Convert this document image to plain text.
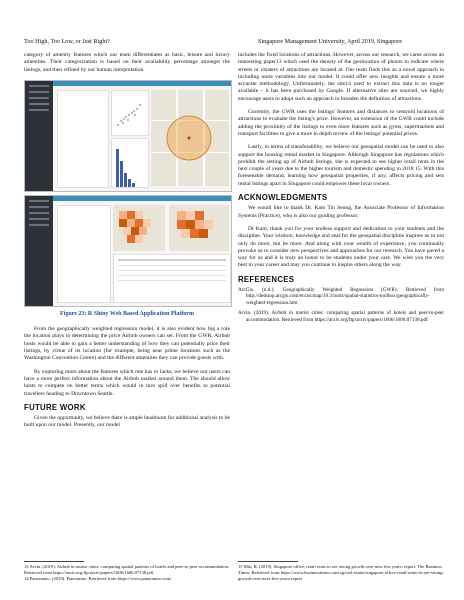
Too High, Too Low, or Just Right?	Singapore Management University, April 2019, Singapore

category of amenity features which our team differentiates as basic, leisure and luxury amenities. Their categorization is based on their availability percentage amongst the listings, and then refined by our human interpretation.

Figure 23: R Shiny Web Based Application Platform

From the geographically weighted regression model, it is also evident how big a role the location plays in determining the price Airbnb owners can set. From the GWR, Airbnb hosts would be able to gain a better understanding of how they can potentially price their listings, by virtue of its location (for example, being near prime locations such as the Washington Convention Centre) and the different amenities they can provide guests with.

By exploring more about the features which one has or lacks, we believe our users can have a more perfect information about the Airbnb market around them. The should allow hosts to compete on better terms which would in turn spill over benefits to potential travellers heading to Downtown Seattle.

FUTURE WORK

Given the opportunity, we believe there is ample headroom for additional analysis to be built upon our model. Presently, our model

includes the fixed locations of attractions. However, across our research, we came across an interesting paper13 which used the density of the geolocation of photos to indicate where streets or clusters of attractions are located at. Our team finds this as a novel approach in including more variables into our model. It could offer new insights and ensure a more accurate methodology. Unfortunately, the site14 used to extract this data is no longer available – it has been purchased by Google. If alternative sites are sourced, we highly encourage users to adopt such an approach to broaden the definition of attractions.

Currently, the GWR uses the listings' features and distances to centroid locations of attractions to evaluate the listing's price. However, an extension of the GWR could include adding the proximity of the listings to even more features such as gyms, supermarkets and transport facilities to give a more in depth review of the listings' potential prices.

Lastly, in terms of transferability, we believe our geospatial model can be used to also support the housing rental market in Singapore. Although Singapore has regulations which prohibit the setting up of Airbnb listings, she is expected to see higher retail rents in the next couple of years due to the higher tourism and domestic spending in 2018 15. With this foreseeable demand, learning how geospatial properties, if any, affects pricing and sets rental listings apart in Singapore could empower these local owners.

ACKNOWLEDGMENTS

We would like to thank Dr. Kam Tin Seong, the Associate Professor of Information Systems (Practice), who is also our guiding professor.

Dr Kam, thank you for your endless support and dedication to your students and the discipline. Your wisdom, knowledge and zeal for the geospatial discipline inspires us to not only do more, but be more. And along with your wealth of experience, you continually provoke us to consider new perspectives and approaches for our research. You have paved a way for us and it is truly an honor to be students under your care. We wish you the very best in your career and may you continue to inspire others along the way.

REFERENCES

ArcGis. (n.d.). Geographically Weighted Regression (GWR). Retrieved from http://desktop.arcgis.com/en/arcmap/10.3/tools/spatial-statistics-toolbox/geographically-weighted-regression.htm

Arvin. (2019). Airbnb in tourist cities: comparing spatial patterns of hotels and peer-to-peer accommodation. Retrieved from https://arxiv.org/ftp/arxiv/papers/1606/1606.07138.pdf

13 Arvin. (2019). Airbnb in tourist cities: comparing spatial patterns of hotels and peer-to-peer accommodation. Retrieved from https://arxiv.org/ftp/arxiv/papers/1606/1606.07138.pdf
14 Panoramio. (2019). Panoramio. Retrieved from https://www.panoramio.com/
15 Min, R. (2019). Singapore office, retail rents to see strong growth over next few years: report. The Business Times. Retrieved from https://www.businesstimes.com.sg/real-estate/singapore-office-retail-rents-to-see-strong-growth-over-next-few-years-report
